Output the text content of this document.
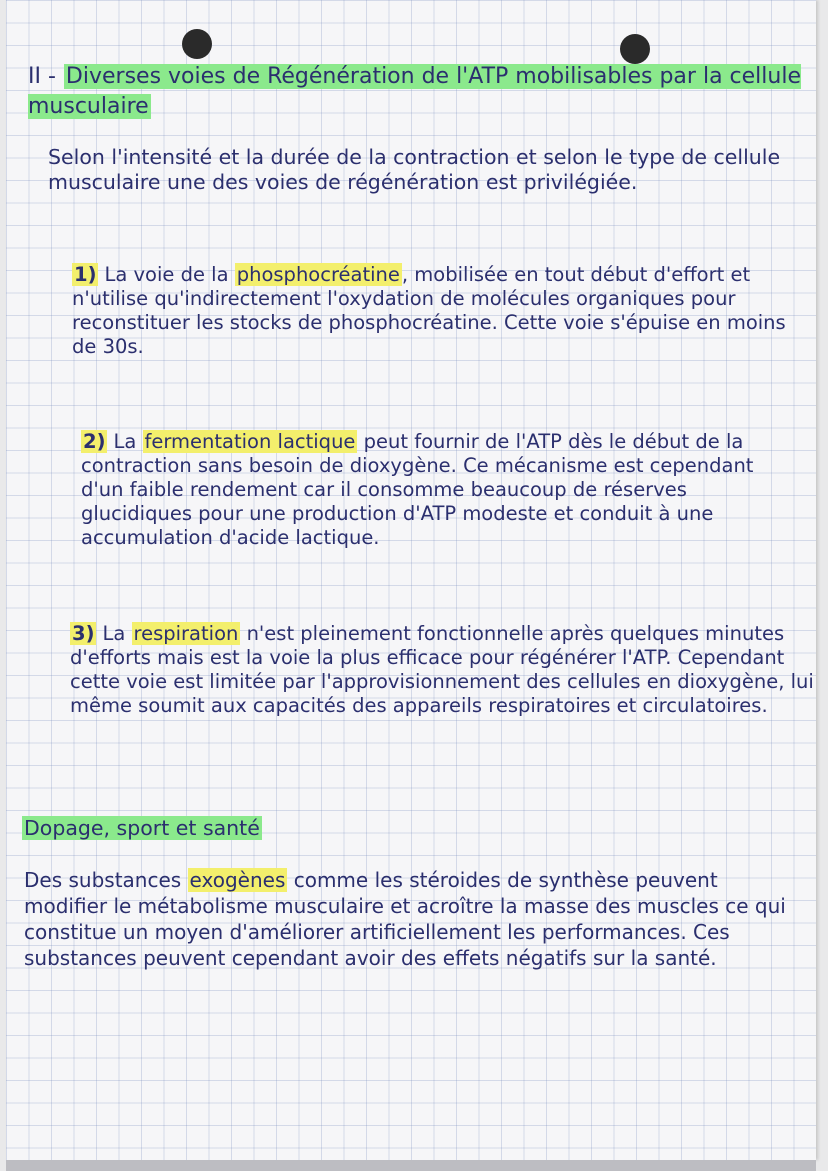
II - Diverses voies de Régénération de l'ATP mobilisables par la cellule musculaire
Selon l'intensité et la durée de la contraction et selon le type de cellule musculaire une des voies de régénération est privilégiée.
1) La voie de la phosphocréatine , mobilisée en tout début d'effort et n'utilise qu'indirectement l'oxydation de molécules organiques pour reconstituer les stocks de phosphocréatine. Cette voie s'épuise en moins de 30s.
2) La fermentation lactique peut fournir de l'ATP dès le début de la contraction sans besoin de dioxygène. Ce mécanisme est cependant d'un faible rendement car il consomme beaucoup de réserves glucidiques pour une production d'ATP modeste et conduit à une accumulation d'acide lactique.
3) La respiration n'est pleinement fonctionnelle après quelques minutes d'efforts mais est la voie la plus efficace pour régénérer l'ATP. Cependant cette voie est limitée par l'approvisionnement des cellules en dioxygène, lui même soumit aux capacités des appareils respiratoires et circulatoires.
Dopage, sport et santé
Des substances exogènes comme les stéroides de synthèse peuvent modifier le métabolisme musculaire et acroître la masse des muscles ce qui constitue un moyen d'améliorer artificiellement les performances. Ces substances peuvent cependant avoir des effets négatifs sur la santé.
